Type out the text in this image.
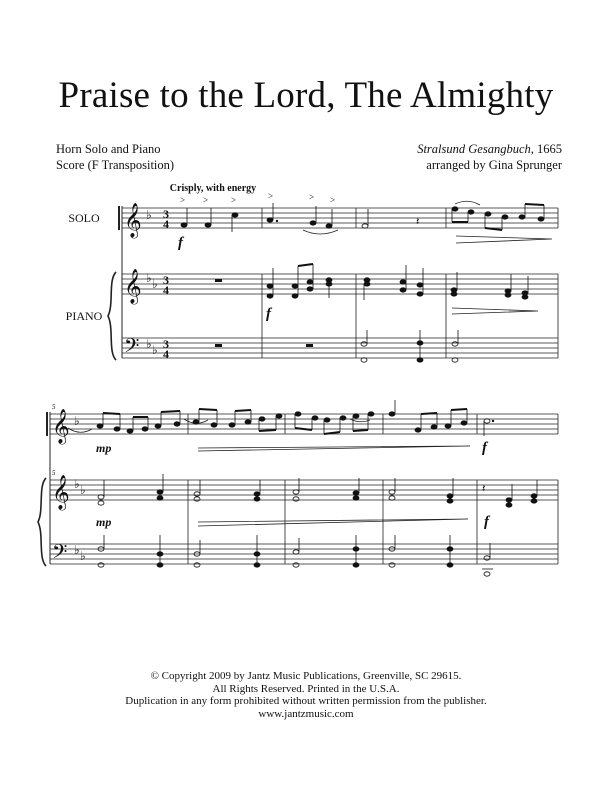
Praise to the Lord, The Almighty
Horn Solo and Piano
Score (F Transposition)
Stralsund Gesangbuch, 1665
arranged by Gina Sprunger
𝄞
𝄞
𝄢
𝄞
𝄞
𝄢
♭
♭ ♭
♭ ♭
♭
♭ ♭
♭ ♭
3
4
3
4
3
4
SOLO
PIANO
Crisply, with energy
5
5
f
f
mp
mp
f
f
> >	>	>	> >
𝄽
𝄽
© Copyright 2009 by Jantz Music Publications, Greenville, SC 29615.
All Rights Reserved. Printed in the U.S.A.
Duplication in any form prohibited without written permission from the publisher.
www.jantzmusic.com
